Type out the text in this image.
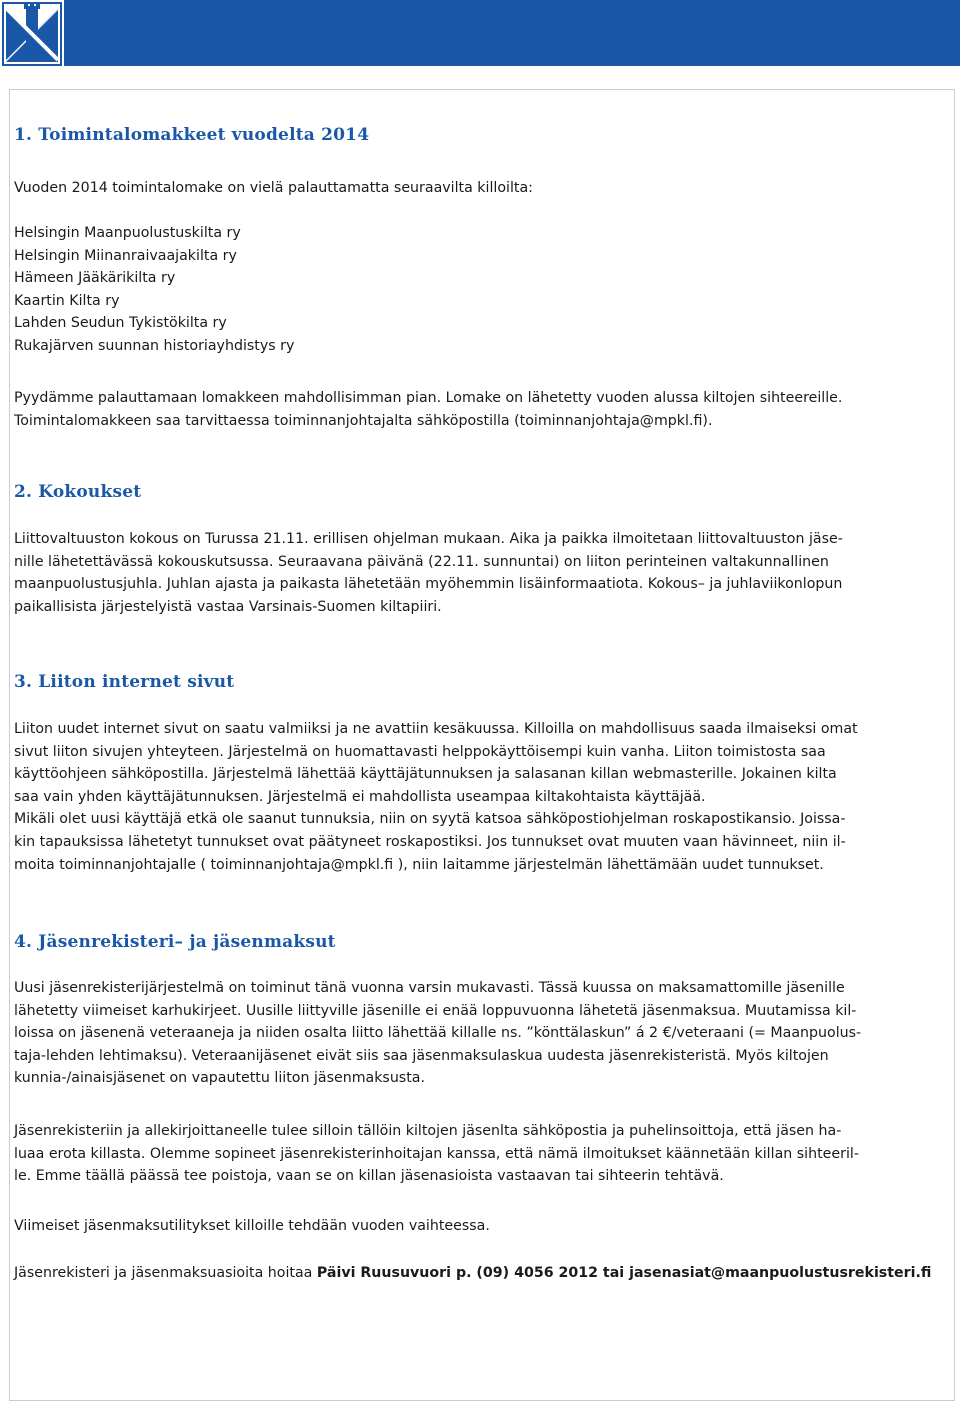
1. Toimintalomakkeet vuodelta 2014

Vuoden 2014 toimintalomake on vielä palauttamatta seuraavilta killoilta:

Helsingin Maanpuolustuskilta ry
Helsingin Miinanraivaajakilta ry
Hämeen Jääkärikilta ry
Kaartin Kilta ry
Lahden Seudun Tykistökilta ry
Rukajärven suunnan historiayhdistys ry

Pyydämme palauttamaan lomakkeen mahdollisimman pian. Lomake on lähetetty vuoden alussa kiltojen sihteereille.
Toimintalomakkeen saa tarvittaessa toiminnanjohtajalta sähköpostilla (toiminnanjohtaja@mpkl.fi).

2. Kokoukset

Liittovaltuuston kokous on Turussa 21.11. erillisen ohjelman mukaan. Aika ja paikka ilmoitetaan liittovaltuuston jäse-
nille lähetettävässä kokouskutsussa. Seuraavana päivänä (22.11. sunnuntai) on liiton perinteinen valtakunnallinen
maanpuolustusjuhla. Juhlan ajasta ja paikasta lähetetään myöhemmin lisäinformaatiota. Kokous– ja juhlaviikonlopun
paikallisista järjestelyistä vastaa Varsinais-Suomen kiltapiiri.

3. Liiton internet sivut

Liiton uudet internet sivut on saatu valmiiksi ja ne avattiin kesäkuussa. Killoilla on mahdollisuus saada ilmaiseksi omat
sivut liiton sivujen yhteyteen. Järjestelmä on huomattavasti helppokäyttöisempi kuin vanha. Liiton toimistosta saa
käyttöohjeen sähköpostilla. Järjestelmä lähettää käyttäjätunnuksen ja salasanan killan webmasterille. Jokainen kilta
saa vain yhden käyttäjätunnuksen. Järjestelmä ei mahdollista useampaa kiltakohtaista käyttäjää.
Mikäli olet uusi käyttäjä etkä ole saanut tunnuksia, niin on syytä katsoa sähköpostiohjelman roskapostikansio. Joissa-
kin tapauksissa lähetetyt tunnukset ovat päätyneet roskapostiksi. Jos tunnukset ovat muuten vaan hävinneet, niin il-
moita toiminnanjohtajalle ( toiminnanjohtaja@mpkl.fi ), niin laitamme järjestelmän lähettämään uudet tunnukset.

4. Jäsenrekisteri– ja jäsenmaksut

Uusi jäsenrekisterijärjestelmä on toiminut tänä vuonna varsin mukavasti. Tässä kuussa on maksamattomille jäsenille
lähetetty viimeiset karhukirjeet. Uusille liittyville jäsenille ei enää loppuvuonna lähetetä jäsenmaksua. Muutamissa kil-
loissa on jäsenenä veteraaneja ja niiden osalta liitto lähettää killalle ns. ”könttälaskun” á 2 €/veteraani (= Maanpuolus-
taja-lehden lehtimaksu). Veteraanijäsenet eivät siis saa jäsenmaksulaskua uudesta jäsenrekisteristä. Myös kiltojen
kunnia-/ainaisjäsenet on vapautettu liiton jäsenmaksusta.

Jäsenrekisteriin ja allekirjoittaneelle tulee silloin tällöin kiltojen jäsenlta sähköpostia ja puhelinsoittoja, että jäsen ha-
luaa erota killasta. Olemme sopineet jäsenrekisterinhoitajan kanssa, että nämä ilmoitukset käännetään killan sihteeril-
le. Emme täällä päässä tee poistoja, vaan se on killan jäsenasioista vastaavan tai sihteerin tehtävä.

Viimeiset jäsenmaksutilitykset killoille tehdään vuoden vaihteessa.

Jäsenrekisteri ja jäsenmaksuasioita hoitaa Päivi Ruusuvuori p. (09) 4056 2012 tai jasenasiat@maanpuolustusrekisteri.fi
